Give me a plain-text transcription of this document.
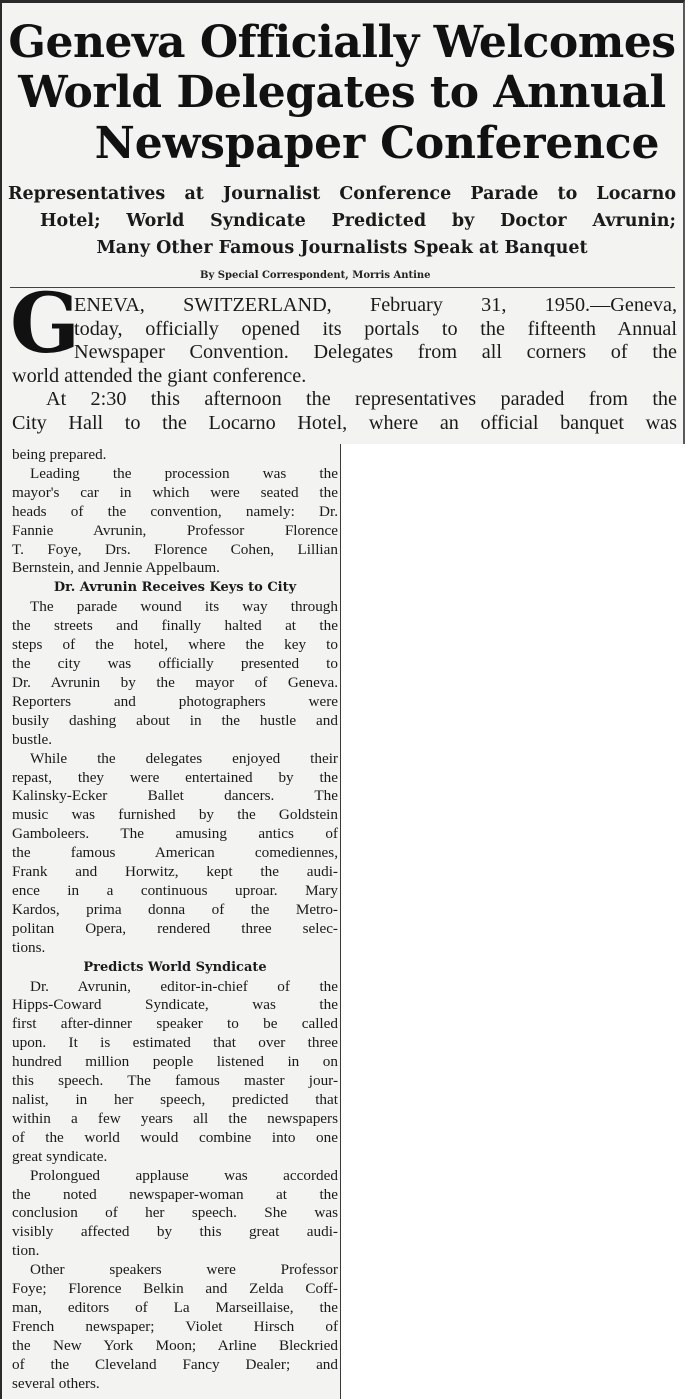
Geneva Officially Welcomes
World Delegates to Annual
Newspaper Conference
Representatives at Journalist Conference Parade to Locarno
Hotel; World Syndicate Predicted by Doctor Avrunin;
Many Other Famous Journalists Speak at Banquet
By Special Correspondent, Morris Antine
G
ENEVA, SWITZERLAND, February 31, 1950.—Geneva,
today, officially opened its portals to the fifteenth Annual
Newspaper Convention. Delegates from all corners of the
world attended the giant conference.
At 2:30 this afternoon the representatives paraded from the
City Hall to the Locarno Hotel, where an official banquet was
being prepared.
Leading the procession was the
mayor's car in which were seated the
heads of the convention, namely: Dr.
Fannie Avrunin, Professor Florence
T. Foye, Drs. Florence Cohen, Lillian
Bernstein, and Jennie Appelbaum.
Dr. Avrunin Receives Keys to City
The parade wound its way through
the streets and finally halted at the
steps of the hotel, where the key to
the city was officially presented to
Dr. Avrunin by the mayor of Geneva.
Reporters and photographers were
busily dashing about in the hustle and
bustle.
While the delegates enjoyed their
repast, they were entertained by the
Kalinsky-Ecker Ballet dancers. The
music was furnished by the Goldstein
Gamboleers. The amusing antics of
the famous American comediennes,
Frank and Horwitz, kept the audi-
ence in a continuous uproar. Mary
Kardos, prima donna of the Metro-
politan Opera, rendered three selec-
tions.
Predicts World Syndicate
Dr. Avrunin, editor-in-chief of the
Hipps-Coward Syndicate, was the
first after-dinner speaker to be called
upon. It is estimated that over three
hundred million people listened in on
this speech. The famous master jour-
nalist, in her speech, predicted that
within a few years all the newspapers
of the world would combine into one
great syndicate.
Prolongued applause was accorded
the noted newspaper-woman at the
conclusion of her speech. She was
visibly affected by this great audi-
tion.
Other speakers were Professor
Foye; Florence Belkin and Zelda Coff-
man, editors of La Marseillaise, the
French newspaper; Violet Hirsch of
the New York Moon; Arline Bleckried
of the Cleveland Fancy Dealer; and
several others.
